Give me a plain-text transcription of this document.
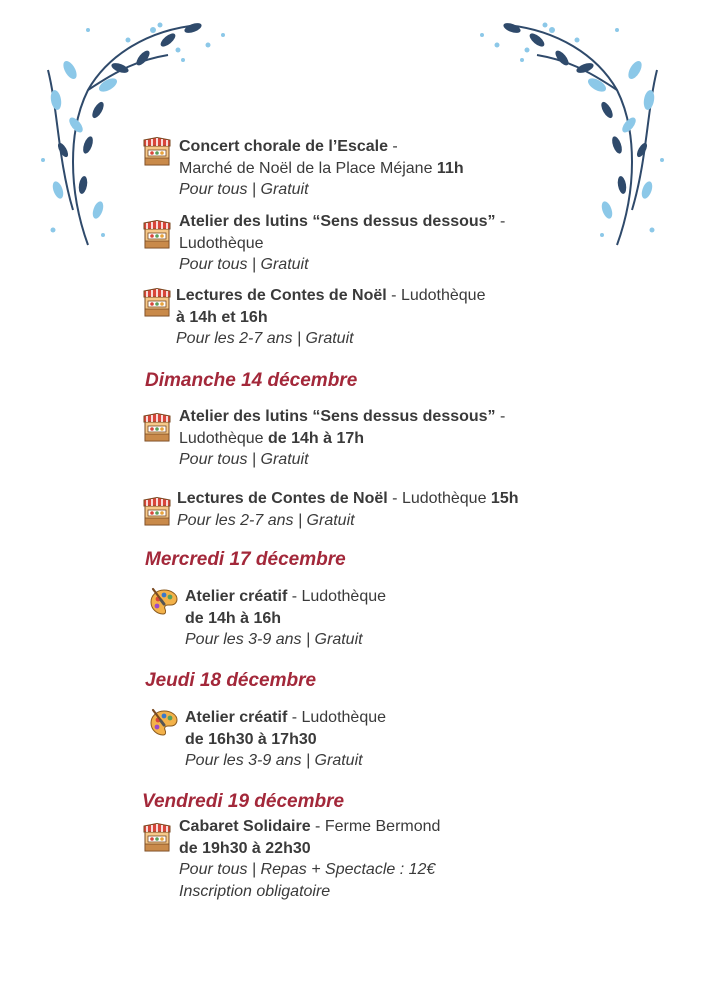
Concert chorale de l’Escale -
Marché de Noël de la Place Méjane 11h
Pour tous | Gratuit
Atelier des lutins “Sens dessus dessous” -
Ludothèque
Pour tous | Gratuit
Lectures de Contes de Noël - Ludothèque
à 14h et 16h
Pour les 2-7 ans | Gratuit
Dimanche 14 décembre
Atelier des lutins “Sens dessus dessous” -
Ludothèque de 14h à 17h
Pour tous | Gratuit
Lectures de Contes de Noël - Ludothèque 15h
Pour les 2-7 ans | Gratuit
Mercredi 17 décembre
Atelier créatif - Ludothèque
de 14h à 16h
Pour les 3-9 ans | Gratuit
Jeudi 18 décembre
Atelier créatif - Ludothèque
de 16h30 à 17h30
Pour les 3-9 ans | Gratuit
Vendredi 19 décembre
Cabaret Solidaire - Ferme Bermond
de 19h30 à 22h30
Pour tous | Repas + Spectacle : 12€
Inscription obligatoire
